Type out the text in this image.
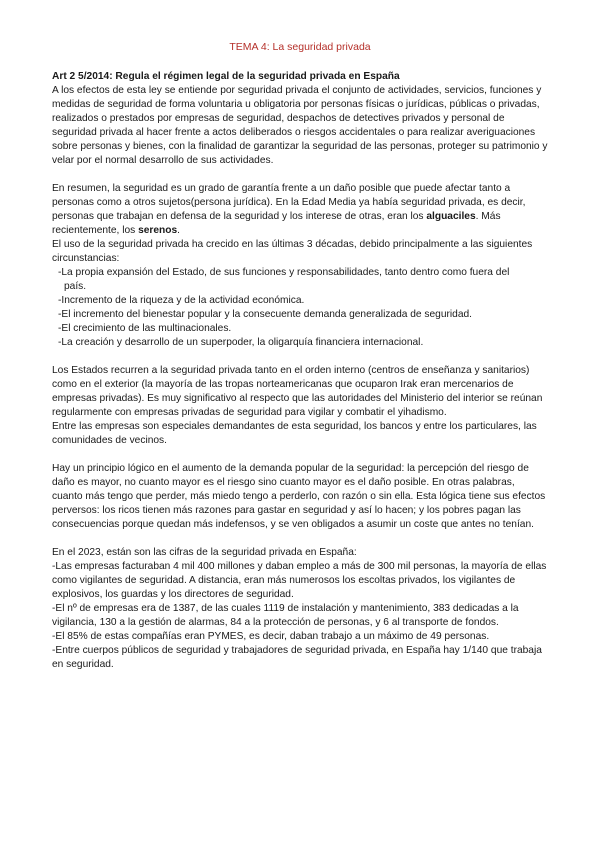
TEMA 4: La seguridad privada

Art 2 5/2014: Regula el régimen legal de la seguridad privada en España

A los efectos de esta ley se entiende por seguridad privada el conjunto de actividades, servicios, funciones y medidas de seguridad de forma voluntaria u obligatoria por personas físicas o jurídicas, públicas o privadas, realizados o prestados por empresas de seguridad, despachos de detectives privados y personal de seguridad privada al hacer frente a actos deliberados o riesgos accidentales o para realizar averiguaciones sobre personas y bienes, con la finalidad de garantizar la seguridad de las personas, proteger su patrimonio y velar por el normal desarrollo de sus actividades.

En resumen, la seguridad es un grado de garantía frente a un daño posible que puede afectar tanto a personas como a otros sujetos(persona jurídica). En la Edad Media ya había seguridad privada, es decir, personas que trabajan en defensa de la seguridad y los interese de otras, eran los alguaciles. Más recientemente, los serenos.

El uso de la seguridad privada ha crecido en las últimas 3 décadas, debido principalmente a las siguientes circunstancias:

-La propia expansión del Estado, de sus funciones y responsabilidades, tanto dentro como fuera del

país.

-Incremento de la riqueza y de la actividad económica.

-El incremento del bienestar popular y la consecuente demanda generalizada de seguridad.

-El crecimiento de las multinacionales.

-La creación y desarrollo de un superpoder, la oligarquía financiera internacional.

Los Estados recurren a la seguridad privada tanto en el orden interno (centros de enseñanza y sanitarios) como en el exterior (la mayoría de las tropas norteamericanas que ocuparon Irak eran mercenarios de empresas privadas). Es muy significativo al respecto que las autoridades del Ministerio del interior se reúnan regularmente con empresas privadas de seguridad para vigilar y combatir el yihadismo.

Entre las empresas son especiales demandantes de esta seguridad, los bancos y entre los particulares, las comunidades de vecinos.

Hay un principio lógico en el aumento de la demanda popular de la seguridad: la percepción del riesgo de daño es mayor, no cuanto mayor es el riesgo sino cuanto mayor es el daño posible. En otras palabras, cuanto más tengo que perder, más miedo tengo a perderlo, con razón o sin ella. Esta lógica tiene sus efectos perversos: los ricos tienen más razones para gastar en seguridad y así lo hacen; y los pobres pagan las consecuencias porque quedan más indefensos, y se ven obligados a asumir un coste que antes no tenían.

En el 2023, están son las cifras de la seguridad privada en España:

-Las empresas facturaban 4 mil 400 millones y daban empleo a más de 300 mil personas, la mayoría de ellas como vigilantes de seguridad. A distancia, eran más numerosos los escoltas privados, los vigilantes de explosivos, los guardas y los directores de seguridad.

-El nº de empresas era de 1387, de las cuales 1119 de instalación y mantenimiento, 383 dedicadas a la vigilancia, 130 a la gestión de alarmas, 84 a la protección de personas, y 6 al transporte de fondos.

-El 85% de estas compañías eran PYMES, es decir, daban trabajo a un máximo de 49 personas.

-Entre cuerpos públicos de seguridad y trabajadores de seguridad privada, en España hay 1/140 que trabaja en seguridad.
